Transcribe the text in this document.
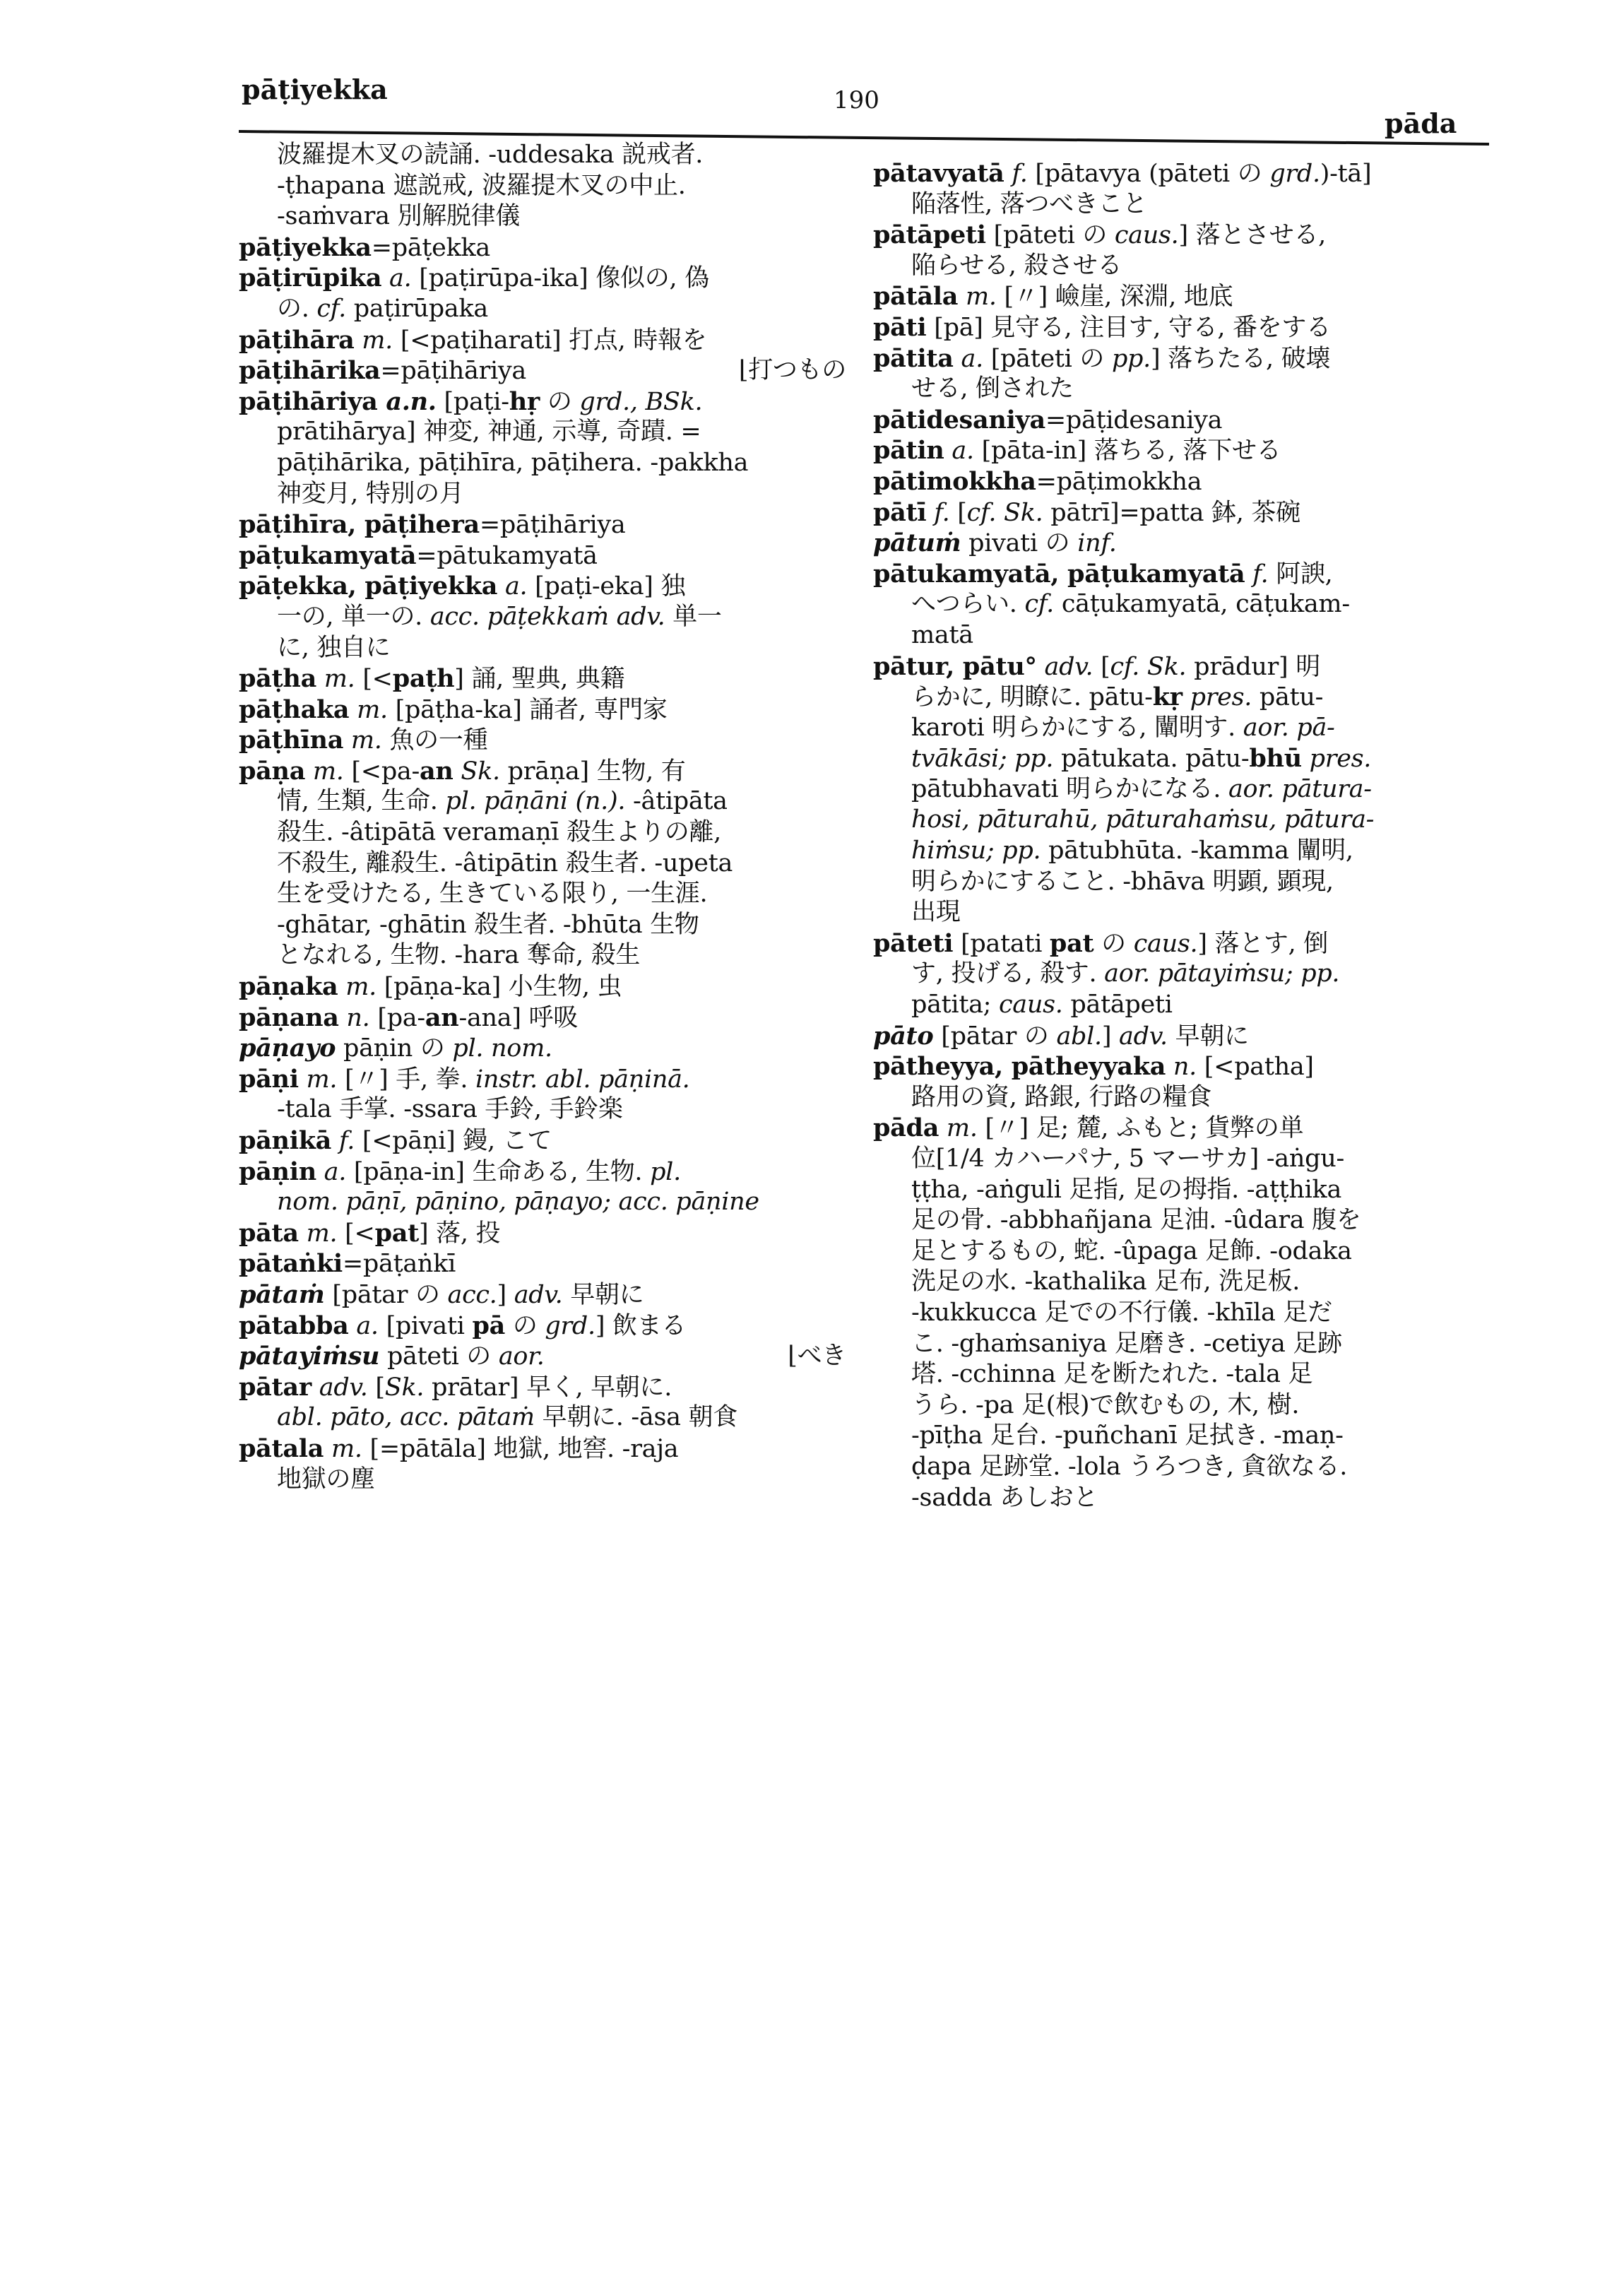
pāṭiyekka	190
pāda
波羅提木叉の読誦. -uddesaka 説戒者.
-ṭhapana 遮説戒, 波羅提木叉の中止.
-saṁvara 別解脱律儀
pāṭiyekka=pāṭekka
pāṭirūpika a. [paṭirūpa-ika] 像似の, 偽
の. cf. paṭirūpaka
pāṭihāra m. [<paṭiharati] 打点, 時報を
pāṭihārika=pāṭihāriya	⌊打つもの
pāṭihāriya a.n. [paṭi-hṛ の grd., BSk.
prātihārya] 神変, 神通, 示導, 奇蹟. =
pāṭihārika, pāṭihīra, pāṭihera. -pakkha
神変月, 特別の月
pāṭihīra, pāṭihera=pāṭihāriya
pāṭukamyatā=pātukamyatā
pāṭekka, pāṭiyekka a. [paṭi-eka] 独
一の, 単一の. acc. pāṭekkaṁ adv. 単一
に, 独自に
pāṭha m. [<paṭh] 誦, 聖典, 典籍
pāṭhaka m. [pāṭha-ka] 誦者, 専門家
pāṭhīna m. 魚の一種
pāṇa m. [<pa-an Sk. prāṇa] 生物, 有
情, 生類, 生命. pl. pāṇāni (n.). -âtipāta
殺生. -âtipātā veramaṇī 殺生よりの離,
不殺生, 離殺生. -âtipātin 殺生者. -upeta
生を受けたる, 生きている限り, 一生涯.
-ghātar, -ghātin 殺生者. -bhūta 生物
となれる, 生物. -hara 奪命, 殺生
pāṇaka m. [pāṇa-ka] 小生物, 虫
pāṇana n. [pa-an-ana] 呼吸
pāṇayo pāṇin の pl. nom.
pāṇi m. [〃] 手, 拳. instr. abl. pāṇinā.
-tala 手掌. -ssara 手鈴, 手鈴楽
pāṇikā f. [<pāṇi] 鏝, こて
pāṇin a. [pāṇa-in] 生命ある, 生物. pl.
nom. pāṇī, pāṇino, pāṇayo; acc. pāṇine
pāta m. [<pat] 落, 投
pātaṅki=pāṭaṅkī
pātaṁ [pātar の acc.] adv. 早朝に
pātabba a. [pivati pā の grd.] 飲まる
pātayiṁsu pāteti の aor.	⌊べき
pātar adv. [Sk. prātar] 早く, 早朝に.
abl. pāto, acc. pātaṁ 早朝に. -āsa 朝食
pātala m. [=pātāla] 地獄, 地窖. -raja
地獄の塵
pātavyatā f. [pātavya (pāteti の grd.)-tā]
陥落性, 落つべきこと
pātāpeti [pāteti の caus.] 落とさせる,
陥らせる, 殺させる
pātāla m. [〃] 嶮崖, 深淵, 地底
pāti [pā] 見守る, 注目す, 守る, 番をする
pātita a. [pāteti の pp.] 落ちたる, 破壊
せる, 倒された
pātidesaniya=pāṭidesaniya
pātin a. [pāta-in] 落ちる, 落下せる
pātimokkha=pāṭimokkha
pātī f. [cf. Sk. pātrī]=patta 鉢, 茶碗
pātuṁ pivati の inf.
pātukamyatā, pāṭukamyatā f. 阿諛,
へつらい. cf. cāṭukamyatā, cāṭukam-
matā
pātur, pātu° adv. [cf. Sk. prādur] 明
らかに, 明瞭に. pātu-kṛ pres. pātu-
karoti 明らかにする, 闡明す. aor. pā-
tvākāsi; pp. pātukata. pātu-bhū pres.
pātubhavati 明らかになる. aor. pātura-
hosi, pāturahū, pāturahaṁsu, pātura-
hiṁsu; pp. pātubhūta. -kamma 闡明,
明らかにすること. -bhāva 明顕, 顕現,
出現
pāteti [patati pat の caus.] 落とす, 倒
す, 投げる, 殺す. aor. pātayiṁsu; pp.
pātita; caus. pātāpeti
pāto [pātar の abl.] adv. 早朝に
pātheyya, pātheyyaka n. [<patha]
路用の資, 路銀, 行路の糧食
pāda m. [〃] 足; 麓, ふもと; 貨弊の単
位[1/4 カハーパナ, 5 マーサカ] -aṅgu-
ṭṭha, -aṅguli 足指, 足の拇指. -aṭṭhika
足の骨. -abbhañjana 足油. -ûdara 腹を
足とするもの, 蛇. -ûpaga 足飾. -odaka
洗足の水. -kathalika 足布, 洗足板.
-kukkucca 足での不行儀. -khīla 足だ
こ. -ghaṁsaniya 足磨き. -cetiya 足跡
塔. -cchinna 足を断たれた. -tala 足
うら. -pa 足(根)で飲むもの, 木, 樹.
-pīṭha 足台. -puñchanī 足拭き. -maṇ-
ḍapa 足跡堂. -lola うろつき, 貪欲なる.
-sadda あしおと
